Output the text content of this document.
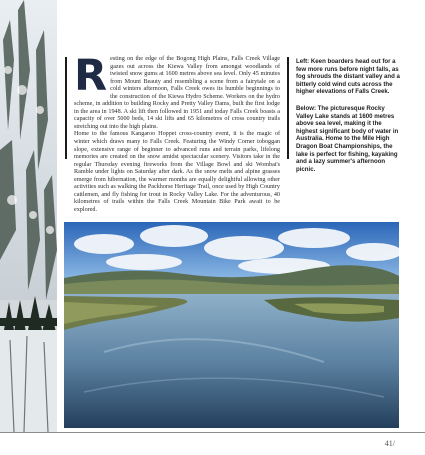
R esting on the edge of the Bogong High Plains, Falls Creek Village gazes out across the Kiewa Valley from amongst woodlands of twisted snow gums at 1600 metres above sea level. Only 45 minutes from Mount Beauty and resembling a scene from a fairytale on a cold winters afternoon, Falls Creek owes its humble beginnings to the construction of the Kiewa Hydro Scheme. Workers on the hydro scheme, in addition to building Rocky and Pretty Valley Dams, built the first lodge in the area in 1948. A ski lift then followed in 1951 and today Falls Creek boasts a capacity of over 5000 beds, 14 ski lifts and 65 kilometres of cross country trails stretching out into the high plains.

Home to the famous Kangaroo Hoppet cross-country event, it is the magic of winter which draws many to Falls Creek. Featuring the Windy Corner toboggan slope, extensive range of beginner to advanced runs and terrain parks, lifelong memories are created on the snow amidst spectacular scenery. Visitors take in the regular Thursday evening fireworks from the Village Bowl and ski Wombat's Ramble under lights on Saturday after dark. As the snow melts and alpine grasses emerge from hibernation, the warmer months are equally delightful allowing other activities such as walking the Packhorse Heritage Trail, once used by High Country cattlemen, and fly fishing for trout in Rocky Valley Lake. For the adventurous, 40 kilometres of trails within the Falls Creek Mountain Bike Park await to be explored.

Left: Keen boarders head out for a few more runs before night falls, as fog shrouds the distant valley and a bitterly cold wind cuts across the higher elevations of Falls Creek.

Below: The picturesque Rocky Valley Lake stands at 1600 metres above sea level, making it the highest significant body of water in Australia. Home to the Mile High Dragon Boat Championships, the lake is perfect for fishing, kayaking and a lazy summer's afternoon picnic.

41/
